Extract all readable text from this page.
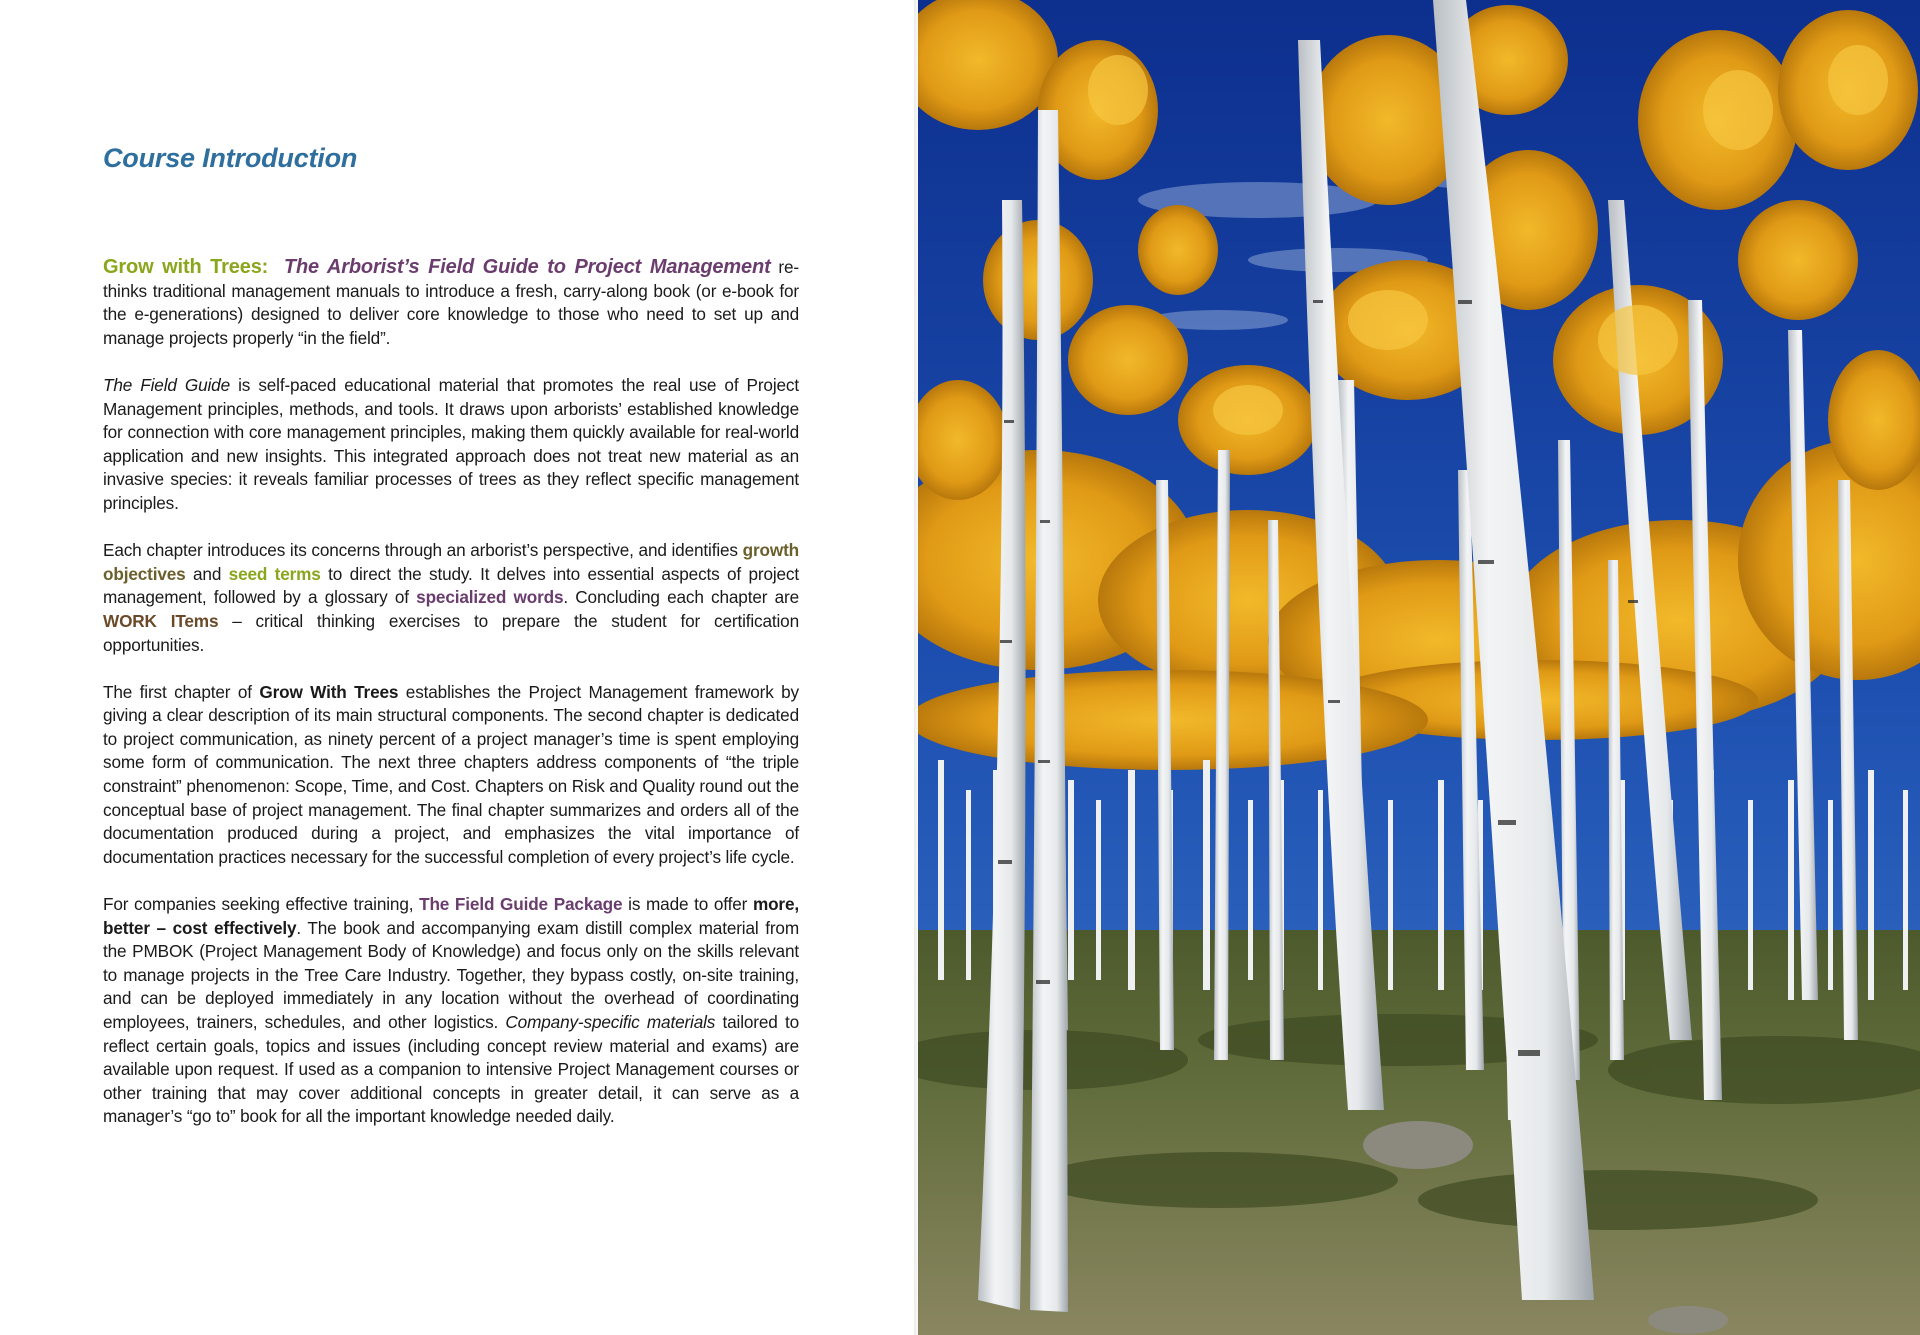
Course Introduction

Grow with Trees: The Arborist’s Field Guide to Project Management re-thinks traditional management manuals to introduce a fresh, carry-along book (or e-book for the e-generations) designed to deliver core knowledge to those who need to set up and manage projects properly “in the field”.

The Field Guide is self-paced educational material that promotes the real use of Project Management principles, methods, and tools. It draws upon arborists’ established knowledge for connection with core management principles, making them quickly available for real-world application and new insights. This integrated approach does not treat new material as an invasive species: it reveals familiar processes of trees as they reflect specific management principles.

Each chapter introduces its concerns through an arborist’s perspective, and identifies growth objectives and seed terms to direct the study. It delves into essential aspects of project management, followed by a glossary of specialized words. Concluding each chapter are WORK ITems – critical thinking exercises to prepare the student for certification opportunities.

The first chapter of Grow With Trees establishes the Project Management framework by giving a clear description of its main structural components. The second chapter is dedicated to project communication, as ninety percent of a project manager’s time is spent employing some form of communication. The next three chapters address components of “the triple constraint” phenomenon: Scope, Time, and Cost. Chapters on Risk and Quality round out the conceptual base of project management. The final chapter summarizes and orders all of the documentation produced during a project, and emphasizes the vital importance of documentation practices necessary for the successful completion of every project’s life cycle.

For companies seeking effective training, The Field Guide Package is made to offer more, better – cost effectively. The book and accompanying exam distill complex material from the PMBOK (Project Management Body of Knowledge) and focus only on the skills relevant to manage projects in the Tree Care Industry. Together, they bypass costly, on-site training, and can be deployed immediately in any location without the overhead of coordinating employees, trainers, schedules, and other logistics. Company-specific materials tailored to reflect certain goals, topics and issues (including concept review material and exams) are available upon request. If used as a companion to intensive Project Management courses or other training that may cover additional concepts in greater detail, it can serve as a manager’s “go to” book for all the important knowledge needed daily.
